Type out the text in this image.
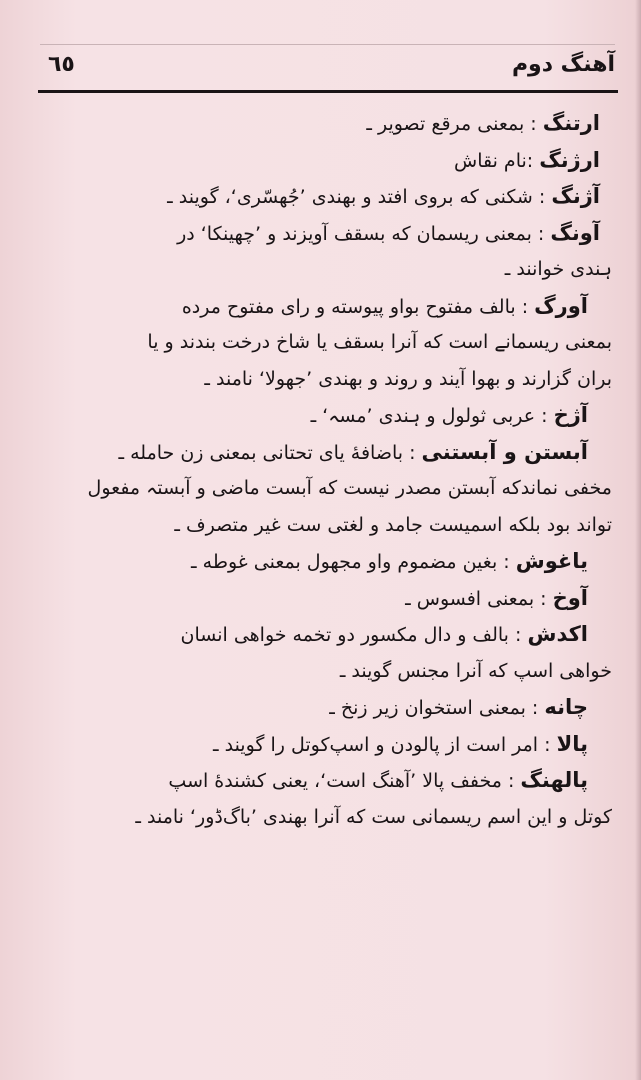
آهنگ دوم
٦٥
ارتنگ : بمعنی مرقع تصویر ـ
ارژنگ :نام نقاش
آژنگ : شکنی که بروی افتد و بهندی ’جُھسّری‘، گویند ـ
آونگ : بمعنی ریسمان که بسقف آویزند و ’چھینکا‘ در
ہندی خوانند ـ
آورگ : بالف مفتوح بواو پیوسته و رای مفتوح مرده
بمعنی ریسمانے است که آنرا بسقف یا شاخ درخت بندند و یا
بران گزارند و بهوا آیند و روند و بهندی ’جھولا‘ نامند ـ
آژخ : عربی ثولول و ہندی ’مسہ‘ ـ
آبستن و آبستنی : باضافهٔ یای تحتانی بمعنی زن حامله ـ
مخفی نماندکه آبستن مصدر نیست که آبست ماضی و آبستہ مفعول
تواند بود بلکه اسمیست جامد و لغتی ست غیر متصرف ـ
یاغوش : بغین مضموم واو مجهول بمعنی غوطه ـ
آوخ : بمعنی افسوس ـ
اکدش : بالف و دال مکسور دو تخمه خواهی انسان
خواهی اسپ که آنرا مجنس گویند ـ
چانه : بمعنی استخوان زیر زنخ ـ
پالا : امر است از پالودن و اسپ‌کوتل را گویند ـ
پالهنگ : مخفف پالا ’آهنگ است‘، یعنی کشندهٔ اسپ
کوتل و این اسم ریسمانی ست که آنرا بهندی ’باگ‌ڈور‘ نامند ـ
